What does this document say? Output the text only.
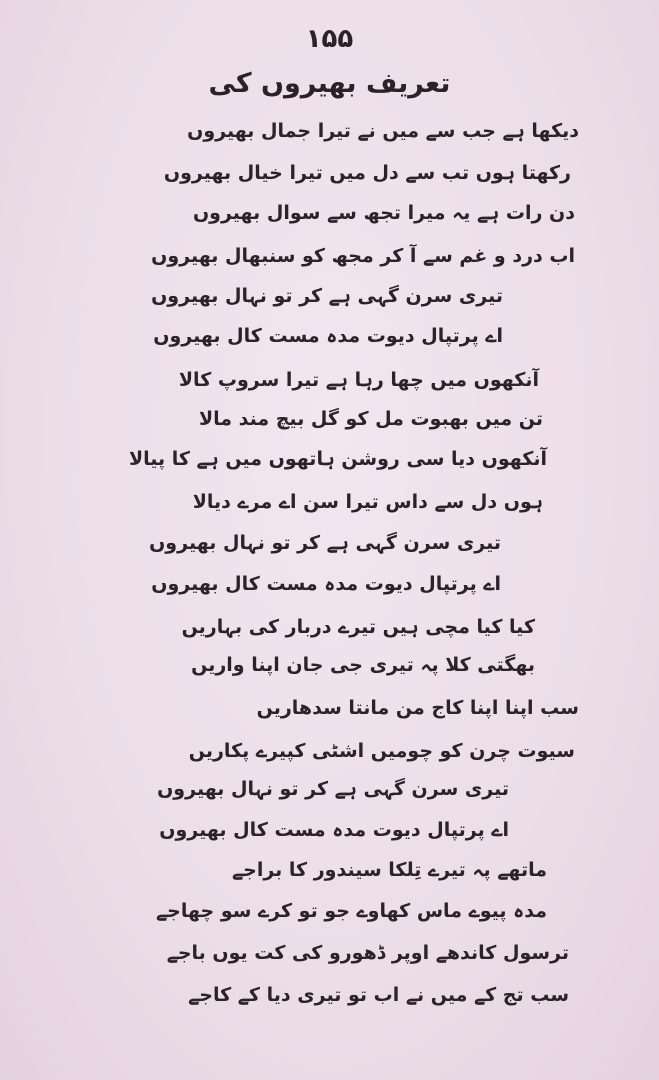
۱۵۵
تعریف بھیروں کی
دیکھا ہے جب سے میں نے تیرا جمال بھیروں
رکھتا ہوں تب سے دل میں تیرا خیال بھیروں
دن رات ہے یہ میرا تجھ سے سوال بھیروں
اب درد و غم سے آ کر مجھ کو سنبھال بھیروں
تیری سرن گہی ہے کر تو نہال بھیروں
اے پرتپال دیوت مدہ مست کال بھیروں
آنکھوں میں چھا رہا ہے تیرا سروپ کالا
تن میں بھبوت مل کو گل بیچ مند مالا
آنکھوں دیا سی روشن ہاتھوں میں ہے کا پیالا
ہوں دل سے داس تیرا سن اے مرے دیالا
تیری سرن گہی ہے کر تو نہال بھیروں
اے پرتپال دیوت مدہ مست کال بھیروں
کیا کیا مچی ہیں تیرے دربار کی بہاریں
بھگتی کلا پہ تیری جی جان اپنا واریں
سب اپنا اپنا کاج من مانتا سدھاریں
سیوت چرن کو چومیں اشٹی کپیرے پکاریں
تیری سرن گہی ہے کر تو نہال بھیروں
اے پرتپال دیوت مدہ مست کال بھیروں
ماتھے پہ تیرے تِلکا سیندور کا براجے
مدہ پیوے ماس کھاوے جو تو کرے سو چھاجے
ترسول کاندھے اوپر ڈھورو کی کت یوں باجے
سب تج کے میں نے اب تو تیری دیا کے کاجے
